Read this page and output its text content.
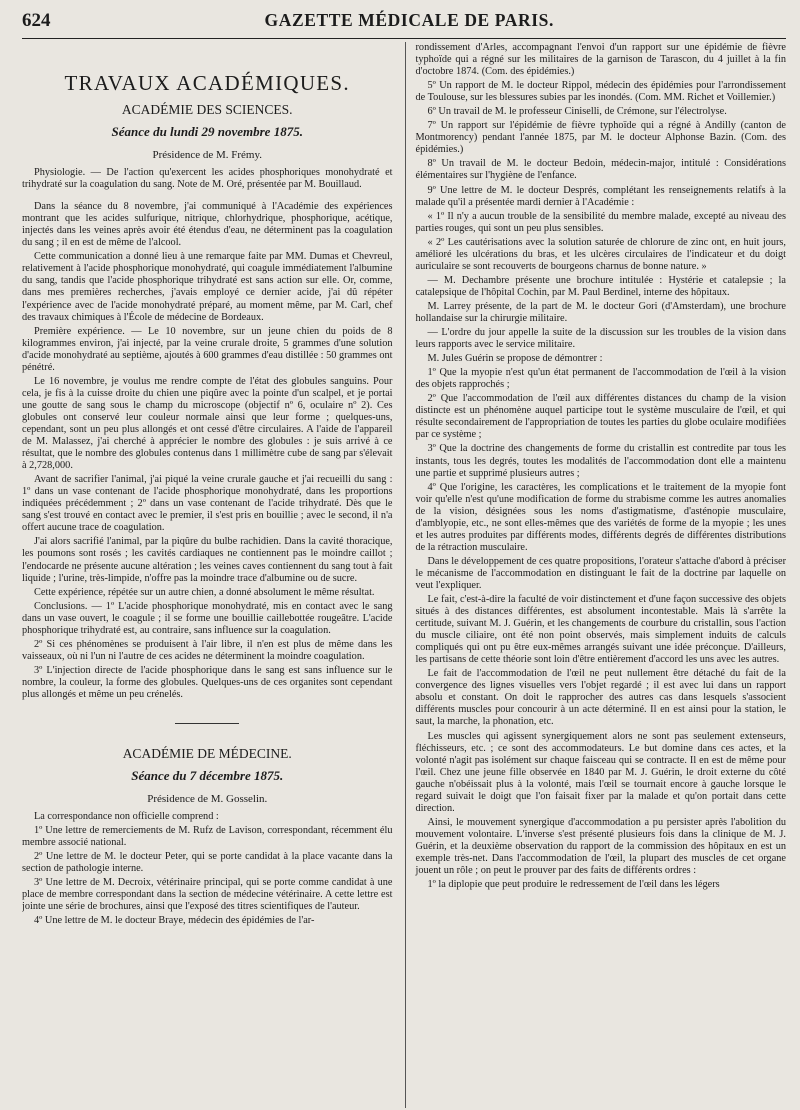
624	GAZETTE MÉDICALE DE PARIS.

TRAVAUX ACADÉMIQUES.

ACADÉMIE DES SCIENCES.

Séance du lundi 29 novembre 1875.

Présidence de M. Frémy.

Physiologie. — De l'action qu'exercent les acides phosphoriques monohydraté et trihydraté sur la coagulation du sang. Note de M. Oré, présentée par M. Bouillaud.

Dans la séance du 8 novembre, j'ai communiqué à l'Académie des expériences montrant que les acides sulfurique, nitrique, chlorhydrique, phosphorique, acétique, injectés dans les veines après avoir été étendus d'eau, ne déterminent pas la coagulation du sang ; il en est de même de l'alcool.

Cette communication a donné lieu à une remarque faite par MM. Dumas et Chevreul, relativement à l'acide phosphorique monohydraté, qui coagule immédiatement l'albumine du sang, tandis que l'acide phosphorique trihydraté est sans action sur elle. Or, comme, dans mes premières recherches, j'avais employé ce dernier acide, j'ai dû répéter l'expérience avec de l'acide monohydraté préparé, au moment même, par M. Carl, chef des travaux chimiques à l'École de médecine de Bordeaux.

Première expérience. — Le 10 novembre, sur un jeune chien du poids de 8 kilogrammes environ, j'ai injecté, par la veine crurale droite, 5 grammes d'une solution d'acide monohydraté au septième, ajoutés à 600 grammes d'eau distillée : 50 grammes ont pénétré.

Le 16 novembre, je voulus me rendre compte de l'état des globules sanguins. Pour cela, je fis à la cuisse droite du chien une piqûre avec la pointe d'un scalpel, et je portai une goutte de sang sous le champ du microscope (objectif nº 6, oculaire nº 2). Ces globules ont conservé leur couleur normale ainsi que leur forme ; quelques-uns, cependant, sont un peu plus allongés et ont cessé d'être circulaires. A l'aide de l'appareil de M. Malassez, j'ai cherché à apprécier le nombre des globules : je suis arrivé à ce résultat, que le nombre des globules contenus dans 1 millimètre cube de sang par s'élevait à 2,728,000.

Avant de sacrifier l'animal, j'ai piqué la veine crurale gauche et j'ai recueilli du sang : 1º dans un vase contenant de l'acide phosphorique monohydraté, dans les proportions indiquées précédemment ; 2º dans un vase contenant de l'acide trihydraté. Dès que le sang s'est trouvé en contact avec le premier, il s'est pris en bouillie ; avec le second, il n'a offert aucune trace de coagulation.

J'ai alors sacrifié l'animal, par la piqûre du bulbe rachidien. Dans la cavité thoracique, les poumons sont rosés ; les cavités cardiaques ne contiennent pas le moindre caillot ; l'endocarde ne présente aucune altération ; les veines caves contiennent du sang tout à fait liquide ; l'urine, très-limpide, n'offre pas la moindre trace d'albumine ou de sucre.

Cette expérience, répétée sur un autre chien, a donné absolument le même résultat.

Conclusions. — 1º L'acide phosphorique monohydraté, mis en contact avec le sang dans un vase ouvert, le coagule ; il se forme une bouillie caillebottée rougeâtre. L'acide phosphorique trihydraté est, au contraire, sans influence sur la coagulation.

2º Si ces phénomènes se produisent à l'air libre, il n'en est plus de même dans les vaisseaux, où ni l'un ni l'autre de ces acides ne déterminent la moindre coagulation.

3º L'injection directe de l'acide phosphorique dans le sang est sans influence sur le nombre, la couleur, la forme des globules. Quelques-uns de ces organites sont cependant plus allongés et même un peu crénelés.

ACADÉMIE DE MÉDECINE.

Séance du 7 décembre 1875.

Présidence de M. Gosselin.

La correspondance non officielle comprend :

1º Une lettre de remerciements de M. Rufz de Lavison, correspondant, récemment élu membre associé national.

2º Une lettre de M. le docteur Peter, qui se porte candidat à la place vacante dans la section de pathologie interne.

3º Une lettre de M. Decroix, vétérinaire principal, qui se porte comme candidat à une place de membre correspondant dans la section de médecine vétérinaire. A cette lettre est jointe une série de brochures, ainsi que l'exposé des titres scientifiques de l'auteur.

4º Une lettre de M. le docteur Braye, médecin des épidémies de l'ar-

rondissement d'Arles, accompagnant l'envoi d'un rapport sur une épidémie de fièvre typhoïde qui a régné sur les militaires de la garnison de Tarascon, du 4 juillet à la fin d'octobre 1874. (Com. des épidémies.)

5º Un rapport de M. le docteur Rippol, médecin des épidémies pour l'arrondissement de Toulouse, sur les blessures subies par les inondés. (Com. MM. Richet et Voillemier.)

6º Un travail de M. le professeur Ciniselli, de Crémone, sur l'électrolyse.

7º Un rapport sur l'épidémie de fièvre typhoïde qui a régné à Andilly (canton de Montmorency) pendant l'année 1875, par M. le docteur Alphonse Bazin. (Com. des épidémies.)

8º Un travail de M. le docteur Bedoin, médecin-major, intitulé : Considérations élémentaires sur l'hygiène de l'enfance.

9º Une lettre de M. le docteur Després, complétant les renseignements relatifs à la malade qu'il a présentée mardi dernier à l'Académie :

« 1º Il n'y a aucun trouble de la sensibilité du membre malade, excepté au niveau des parties rouges, qui sont un peu plus sensibles.

« 2º Les cautérisations avec la solution saturée de chlorure de zinc ont, en huit jours, amélioré les ulcérations du bras, et les ulcères circulaires de l'indicateur et du doigt auriculaire se sont recouverts de bourgeons charnus de bonne nature. »

— M. Dechambre présente une brochure intitulée : Hystérie et catalepsie ; la catalepsique de l'hôpital Cochin, par M. Paul Berdinel, interne des hôpitaux.

M. Larrey présente, de la part de M. le docteur Gori (d'Amsterdam), une brochure hollandaise sur la chirurgie militaire.

— L'ordre du jour appelle la suite de la discussion sur les troubles de la vision dans leurs rapports avec le service militaire.

M. Jules Guérin se propose de démontrer :

1º Que la myopie n'est qu'un état permanent de l'accommodation de l'œil à la vision des objets rapprochés ;

2º Que l'accommodation de l'œil aux différentes distances du champ de la vision distincte est un phénomène auquel participe tout le système musculaire de l'œil, et qui résulte secondairement de l'appropriation de toutes les parties du globe oculaire modifiées par ce système ;

3º Que la doctrine des changements de forme du cristallin est contredite par tous les instants, tous les degrés, toutes les modalités de l'accommodation dont elle a maintenu une partie et supprimé plusieurs autres ;

4º Que l'origine, les caractères, les complications et le traitement de la myopie font voir qu'elle n'est qu'une modification de forme du strabisme comme les autres anomalies de la vision, désignées sous les noms d'astigmatisme, d'asténopie musculaire, d'amblyopie, etc., ne sont elles-mêmes que des variétés de forme de la myopie ; les unes et les autres produites par différents modes, différents degrés de différentes distributions de la rétraction musculaire.

Dans le développement de ces quatre propositions, l'orateur s'attache d'abord à préciser le mécanisme de l'accommodation en distinguant le fait de la doctrine par laquelle on veut l'expliquer.

Le fait, c'est-à-dire la faculté de voir distinctement et d'une façon successive des objets situés à des distances différentes, est absolument incontestable. Mais là s'arrête la certitude, suivant M. J. Guérin, et les changements de courbure du cristallin, sous l'action du muscle ciliaire, ont été non point observés, mais simplement induits de calculs compliqués qui ont pu être eux-mêmes arrangés suivant une idée préconçue. D'ailleurs, les partisans de cette théorie sont loin d'être entièrement d'accord les uns avec les autres.

Le fait de l'accommodation de l'œil ne peut nullement être détaché du fait de la convergence des lignes visuelles vers l'objet regardé ; il est avec lui dans un rapport absolu et constant. On doit le rapprocher des autres cas dans lesquels s'associent différents muscles pour concourir à un acte déterminé. Il en est ainsi pour la station, le saut, la marche, la phonation, etc.

Les muscles qui agissent synergiquement alors ne sont pas seulement extenseurs, fléchisseurs, etc. ; ce sont des accommodateurs. Le but domine dans ces actes, et la volonté n'agit pas isolément sur chaque faisceau qui se contracte. Il en est de même pour l'œil. Chez une jeune fille observée en 1840 par M. J. Guérin, le droit externe du côté gauche n'obéissait plus à la volonté, mais l'œil se tournait encore à gauche lorsque le regard suivait le doigt que l'on faisait fixer par la malade et qu'on portait dans cette direction.

Ainsi, le mouvement synergique d'accommodation a pu persister après l'abolition du mouvement volontaire. L'inverse s'est présenté plusieurs fois dans la clinique de M. J. Guérin, et la deuxième observation du rapport de la commission des hôpitaux en est un exemple très-net. Dans l'accommodation de l'œil, la plupart des muscles de cet organe jouent un rôle ; on peut le prouver par des faits de différents ordres :

1º la diplopie que peut produire le redressement de l'œil dans les légers
